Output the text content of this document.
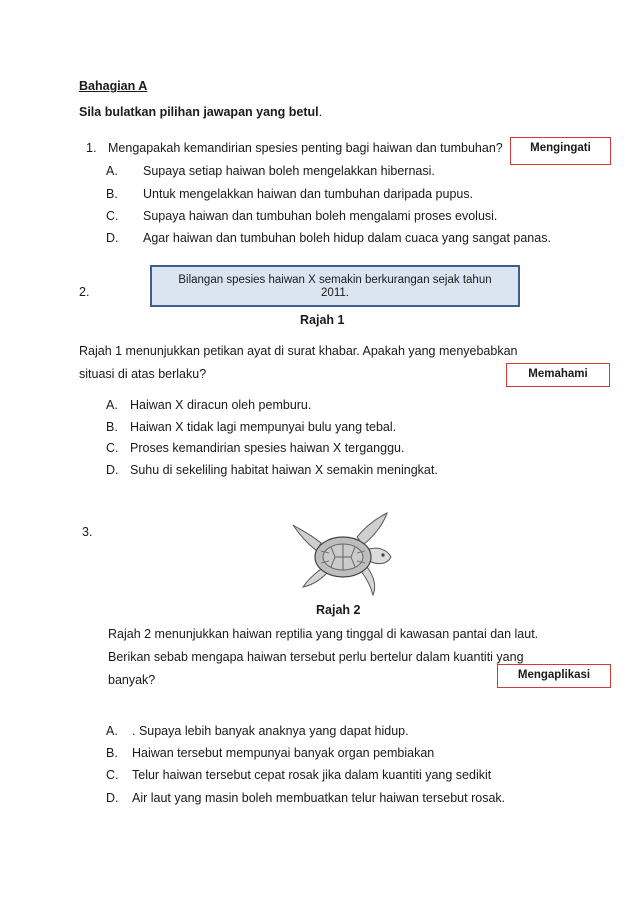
Bahagian A
Sila bulatkan pilihan jawapan yang betul.
1. Mengapakah kemandirian spesies penting bagi haiwan dan tumbuhan?	Mengingati
A. Supaya setiap haiwan boleh mengelakkan hibernasi.
B. Untuk mengelakkan haiwan dan tumbuhan daripada pupus.
C. Supaya haiwan dan tumbuhan boleh mengalami proses evolusi.
D. Agar haiwan dan tumbuhan boleh hidup dalam cuaca yang sangat panas.
2.
Bilangan spesies haiwan X semakin berkurangan sejak tahun
2011.
Rajah 1
Rajah 1 menunjukkan petikan ayat di surat khabar. Apakah yang menyebabkan
situasi di atas berlaku?	Memahami
A. Haiwan X diracun oleh pemburu.
B. Haiwan X tidak lagi mempunyai bulu yang tebal.
C. Proses kemandirian spesies haiwan X terganggu.
D. Suhu di sekeliling habitat haiwan X semakin meningkat.
3.
Rajah 2
Rajah 2 menunjukkan haiwan reptilia yang tinggal di kawasan pantai dan laut.
Berikan sebab mengapa haiwan tersebut perlu bertelur dalam kuantiti yang
banyak?	Mengaplikasi
A. . Supaya lebih banyak anaknya yang dapat hidup.
B. Haiwan tersebut mempunyai banyak organ pembiakan
C. Telur haiwan tersebut cepat rosak jika dalam kuantiti yang sedikit
D. Air laut yang masin boleh membuatkan telur haiwan tersebut rosak.
